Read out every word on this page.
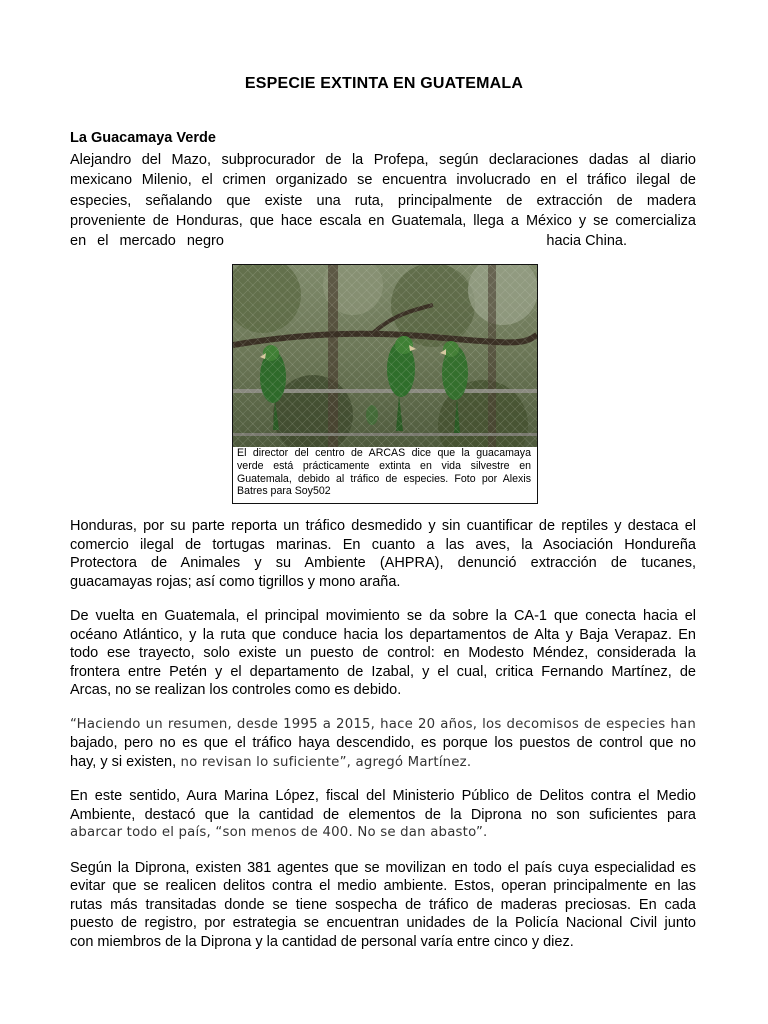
ESPECIE EXTINTA EN GUATEMALA
La Guacamaya Verde
Alejandro del Mazo, subprocurador de la Profepa, según declaraciones dadas al diario
mexicano Milenio, el crimen organizado se encuentra involucrado en el tráfico ilegal de
especies, señalando que existe una ruta, principalmente de extracción de madera
proveniente de Honduras, que hace escala en Guatemala, llega a México y se comercializa
en el mercado negro	hacia China.
El director del centro de ARCAS dice que la guacamaya
verde está prácticamente extinta en vida silvestre en
Guatemala, debido al tráfico de especies. Foto por Alexis
Batres para Soy502
Honduras, por su parte reporta un tráfico desmedido y sin cuantificar de reptiles y destaca el
comercio ilegal de tortugas marinas. En cuanto a las aves, la Asociación Hondureña
Protectora de Animales y su Ambiente (AHPRA), denunció extracción de tucanes,
guacamayas rojas; así como tigrillos y mono araña.
De vuelta en Guatemala, el principal movimiento se da sobre la CA-1 que conecta hacia el
océano Atlántico, y la ruta que conduce hacia los departamentos de Alta y Baja Verapaz. En
todo ese trayecto, solo existe un puesto de control: en Modesto Méndez, considerada la
frontera entre Petén y el departamento de Izabal, y el cual, critica Fernando Martínez, de
Arcas, no se realizan los controles como es debido.
“Haciendo un resumen, desde 1995 a 2015, hace 20 años, los decomisos de especies han
bajado, pero no es que el tráfico haya descendido, es porque los puestos de control que no
hay, y si existen, no revisan lo suficiente”, agregó Martínez.
En este sentido, Aura Marina López, fiscal del Ministerio Público de Delitos contra el Medio
Ambiente, destacó que la cantidad de elementos de la Diprona no son suficientes para
abarcar todo el país, “son menos de 400. No se dan abasto”.
Según la Diprona, existen 381 agentes que se movilizan en todo el país cuya especialidad es
evitar que se realicen delitos contra el medio ambiente. Estos, operan principalmente en las
rutas más transitadas donde se tiene sospecha de tráfico de maderas preciosas. En cada
puesto de registro, por estrategia se encuentran unidades de la Policía Nacional Civil junto
con miembros de la Diprona y la cantidad de personal varía entre cinco y diez.
